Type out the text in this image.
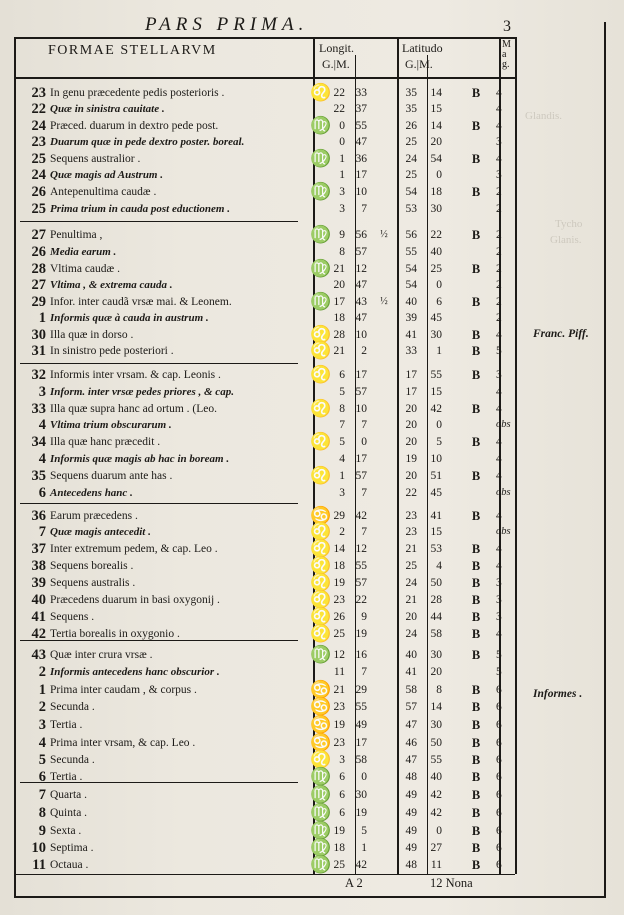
Glandis.
Tycho
Glanis.
PARS PRIMA.	3
FORMAE STELLARVM	Longit.
G.|M.
Latitudo
G.|M.
Mag.
23 In genu præcedente pedis posterioris .	♌ 22 33	35	14 B 4
22 Quæ in sinistra cauitate .	22 37	35	15	4
24 Præced. duarum in dextro pede post.	♍ 0 55	26	14 B 4
23 Duarum quæ in pede dextro poster. boreal.	0 47	25	20	3
25 Sequens australior .	♍ 1 36	24	54 B 4
24 Quæ magis ad Austrum .	1 17	25	0	3
26 Antepenultima caudæ .	♍ 3 10	54	18 B 2
25 Prima trium in cauda post eductionem .	3	7	53	30	2
27 Penultima ,	♍ 9 56 ½	56	22 B 2
26 Media earum .	8 57	55	40	2
28 Vltima caudæ .	♍ 21 12	54	25 B 2
27 Vltima , & extrema cauda .	20 47	54	0	2
29 Infor. inter caudã vrsæ mai. & Leonem.	♍ 17 43 ½	40	6 B 2
1 Informis quæ à cauda in austrum .	18 47	39	45	2
30 Illa quæ in dorso .	♌ 28 10	41	30 B 4
31 In sinistro pede posteriori .	♌ 21	2	33	1 B 5
32 Informis inter vrsam. & cap. Leonis .	♌ 6 17	17	55 B 3
3 Inform. inter vrsæ pedes priores , & cap.	5 57	17	15	4
33 Illa quæ supra hanc ad ortum . (Leo.	♌ 8 10	20	42 B 4
4 Vltima trium obscurarum .	7	7	20	0	obs
34 Illa quæ hanc præcedit .	♌ 5	0	20	5 B 4
4 Informis quæ magis ab hac in boream .	4 17	19	10	4
35 Sequens duarum ante has .	♌ 1 57	20	51 B 4
6 Antecedens hanc .	3	7	22	45	obs
36 Earum præcedens .	♋ 29 42	23	41 B 4
7 Quæ magis antecedit .	♌ 2	7	23	15	obs
37 Inter extremum pedem, & cap. Leo .	♌ 14 12	21	53 B 4
38 Sequens borealis .	♌ 18 55	25	4 B 4
39 Sequens australis .	♌ 19 57	24	50 B 3
40 Præcedens duarum in basi oxygonij .	♌ 23 22	21	28 B 3
41 Sequens .	♌ 26	9	20	44 B 3
42 Tertia borealis in oxygonio .	♌ 25 19	24	58 B 4
43 Quæ inter crura vrsæ .	♍ 12 16	40	30 B 5
2 Informis antecedens hanc obscurior .	11	7	41	20	5
1 Prima inter caudam , & corpus .	♋ 21 29	58	8 B 6
2 Secunda .	♋ 23 55	57	14 B 6
3 Tertia .	♋ 19 49	47	30 B 6
4 Prima inter vrsam, & cap. Leo .	♋ 23 17	46	50 B 6
5 Secunda .	♌ 3 58	47	55 B 6
6 Tertia .	♍ 6	0	48	40 B 6
7 Quarta .	♍ 6 30	49	42 B 6
8 Quinta .	♍ 6 19	49	42 B 6
9 Sexta .	♍ 19	5	49	0 B 6
10 Septima .	♍ 18	1	49	27 B 6
11 Octaua .	♍ 25 42	48	11 B 6
Franc. Piff.
Informes .
A 2	12 Nona
